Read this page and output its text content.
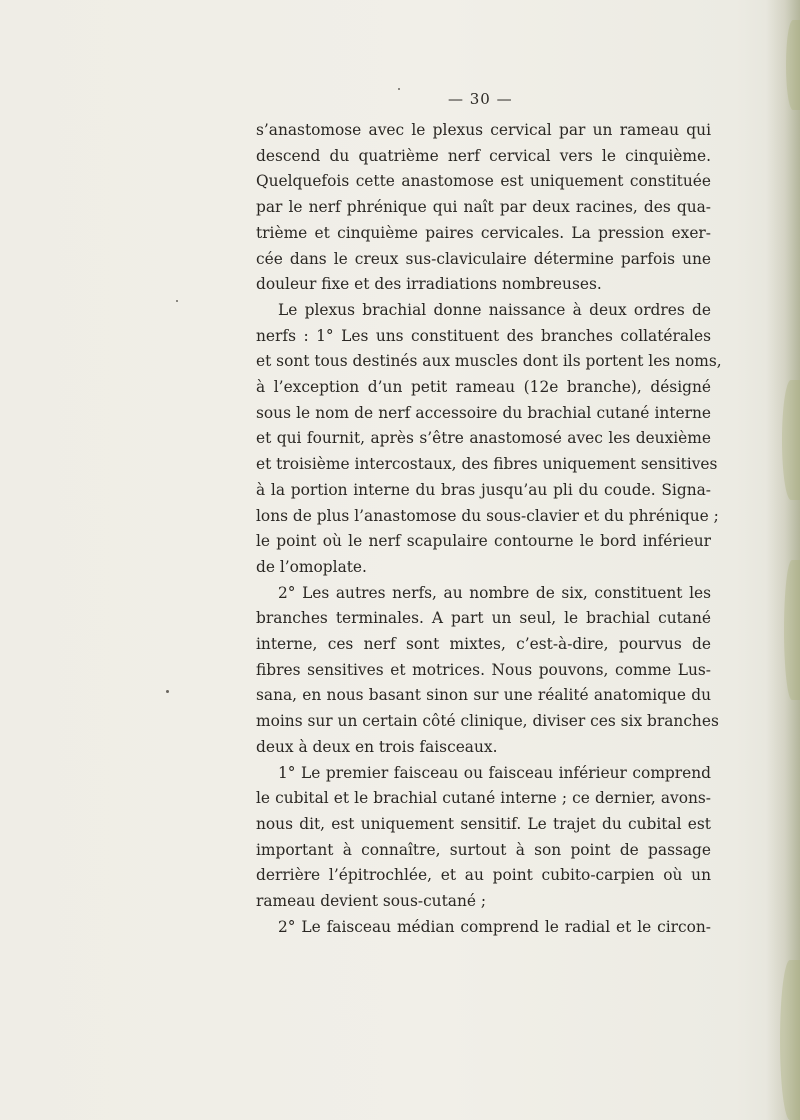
— 30 —
s’anastomose avec le plexus cervical par un rameau qui
descend du quatrième nerf cervical vers le cinquième.
Quelquefois cette anastomose est uniquement constituée
par le nerf phrénique qui naît par deux racines, des qua-
trième et cinquième paires cervicales. La pression exer-
cée dans le creux sus-claviculaire détermine parfois une
douleur fixe et des irradiations nombreuses.
Le plexus brachial donne naissance à deux ordres de
nerfs : 1° Les uns constituent des branches collatérales
et sont tous destinés aux muscles dont ils portent les noms,
à l’exception d’un petit rameau (12e branche), désigné
sous le nom de nerf accessoire du brachial cutané interne
et qui fournit, après s’être anastomosé avec les deuxième
et troisième intercostaux, des fibres uniquement sensitives
à la portion interne du bras jusqu’au pli du coude. Signa-
lons de plus l’anastomose du sous-clavier et du phrénique ;
le point où le nerf scapulaire contourne le bord inférieur
de l’omoplate.
2° Les autres nerfs, au nombre de six, constituent les
branches terminales. A part un seul, le brachial cutané
interne, ces nerf sont mixtes, c’est-à-dire, pourvus de
fibres sensitives et motrices. Nous pouvons, comme Lus-
sana, en nous basant sinon sur une réalité anatomique du
moins sur un certain côté clinique, diviser ces six branches
deux à deux en trois faisceaux.
1° Le premier faisceau ou faisceau inférieur comprend
le cubital et le brachial cutané interne ; ce dernier, avons-
nous dit, est uniquement sensitif. Le trajet du cubital est
important à connaître, surtout à son point de passage
derrière l’épitrochlée, et au point cubito-carpien où un
rameau devient sous-cutané ;
2° Le faisceau médian comprend le radial et le circon-
